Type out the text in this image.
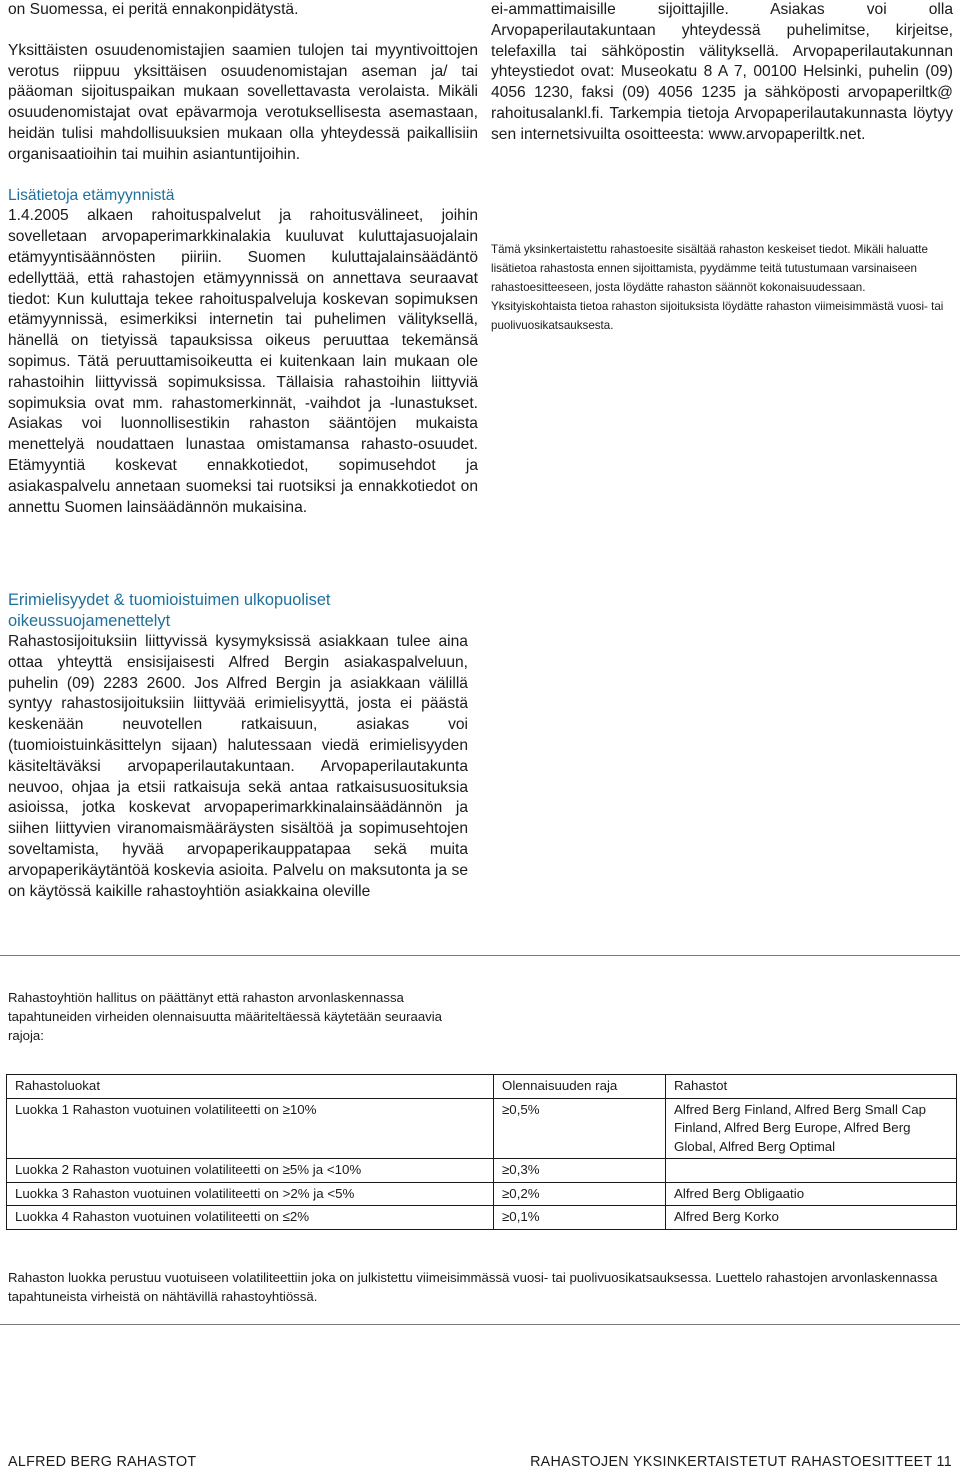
on Suomessa, ei peritä ennakonpidätystä.

Yksittäisten osuudenomistajien saamien tulojen tai myyntivoittojen verotus riippuu yksittäisen osuudenomistajan aseman ja/ tai pääoman sijoituspaikan mukaan sovellettavasta verolaista. Mikäli osuudenomistajat ovat epävarmoja verotuksellisesta asemastaan, heidän tulisi mahdollisuuksien mukaan olla yhteydessä paikallisiin organisaatioihin tai muihin asiantuntijoihin.

Lisätietoja etämyynnistä

1.4.2005 alkaen rahoituspalvelut ja rahoitusvälineet, joihin sovelletaan arvopaperimarkkinalakia kuuluvat kuluttajasuojalain etämyyntisäännösten piiriin. Suomen kuluttajalainsäädäntö edellyttää, että rahastojen etämyynnissä on annettava seuraavat tiedot: Kun kuluttaja tekee rahoituspalveluja koskevan sopimuksen etämyynnissä, esimerkiksi internetin tai puhelimen välityksellä, hänellä on tietyissä tapauksissa oikeus peruuttaa tekemänsä sopimus. Tätä peruuttamisoikeutta ei kuitenkaan lain mukaan ole rahastoihin liittyvissä sopimuksissa. Tällaisia rahastoihin liittyviä sopimuksia ovat mm. rahastomerkinnät, -vaihdot ja -lunastukset. Asiakas voi luonnollisestikin rahaston sääntöjen mukaista menettelyä noudattaen lunastaa omistamansa rahasto-osuudet. Etämyyntiä koskevat ennakkotiedot, sopimusehdot ja asiakaspalvelu annetaan suomeksi tai ruotsiksi ja ennakkotiedot on annettu Suomen lainsäädännön mukaisina.

ei-ammattimaisille sijoittajille. Asiakas voi olla Arvopaperilautakuntaan yhteydessä puhelimitse, kirjeitse, telefaxilla tai sähköpostin välityksellä. Arvopaperilautakunnan yhteystiedot ovat: Museokatu 8 A 7, 00100 Helsinki, puhelin (09) 4056 1230, faksi (09) 4056 1235 ja sähköposti arvopaperiltk@ rahoitusalankl.fi. Tarkempia tietoja Arvopaperilautakunnasta löytyy sen internetsivuilta osoitteesta: www.arvopaperiltk.net.

Tämä yksinkertaistettu rahastoesite sisältää rahaston keskeiset tiedot. Mikäli haluatte lisätietoa rahastosta ennen sijoittamista, pyydämme teitä tutustumaan varsinaiseen rahastoesitteeseen, josta löydätte rahaston säännöt kokonaisuudessaan. Yksityiskohtaista tietoa rahaston sijoituksista löydätte rahaston viimeisimmästä vuosi- tai puolivuosikatsauksesta.

Erimielisyydet & tuomioistuimen ulkopuoliset oikeussuojamenettelyt

Rahastosijoituksiin liittyvissä kysymyksissä asiakkaan tulee aina ottaa yhteyttä ensisijaisesti Alfred Bergin asiakaspalveluun, puhelin (09) 2283 2600. Jos Alfred Bergin ja asiakkaan välillä syntyy rahastosijoituksiin liittyvää erimielisyyttä, josta ei päästä keskenään neuvotellen ratkaisuun, asiakas voi (tuomioistuinkäsittelyn sijaan) halutessaan viedä erimielisyyden käsiteltäväksi arvopaperilautakuntaan. Arvopaperilautakunta neuvoo, ohjaa ja etsii ratkaisuja sekä antaa ratkaisusuosituksia asioissa, jotka koskevat arvopaperimarkkinalainsäädännön ja siihen liittyvien viranomaismääräysten sisältöä ja sopimusehtojen soveltamista, hyvää arvopaperikauppatapaa sekä muita arvopaperikäytäntöä koskevia asioita. Palvelu on maksutonta ja se on käytössä kaikille rahastoyhtiön asiakkaina oleville

Rahastoyhtiön hallitus on päättänyt että rahaston arvonlaskennassa tapahtuneiden virheiden olennaisuutta määriteltäessä käytetään seuraavia rajoja:

Rahastoluokat	Olennaisuuden raja	Rahastot
Luokka 1 Rahaston vuotuinen volatiliteetti on ≥10%	≥0,5%	Alfred Berg Finland, Alfred Berg Small Cap Finland, Alfred Berg Europe, Alfred Berg Global, Alfred Berg Optimal
Luokka 2 Rahaston vuotuinen volatiliteetti on ≥5% ja <10%	≥0,3%	
Luokka 3 Rahaston vuotuinen volatiliteetti on >2% ja <5%	≥0,2%	Alfred Berg Obligaatio
Luokka 4 Rahaston vuotuinen volatiliteetti on ≤2%	≥0,1%	Alfred Berg Korko

Rahaston luokka perustuu vuotuiseen volatiliteettiin joka on julkistettu viimeisimmässä vuosi- tai puolivuosikatsauksessa. Luettelo rahastojen arvonlaskennassa tapahtuneista virheistä on nähtävillä rahastoyhtiössä.

ALFRED BERG RAHASTOT	RAHASTOJEN YKSINKERTAISTETUT RAHASTOESITTEET 11
